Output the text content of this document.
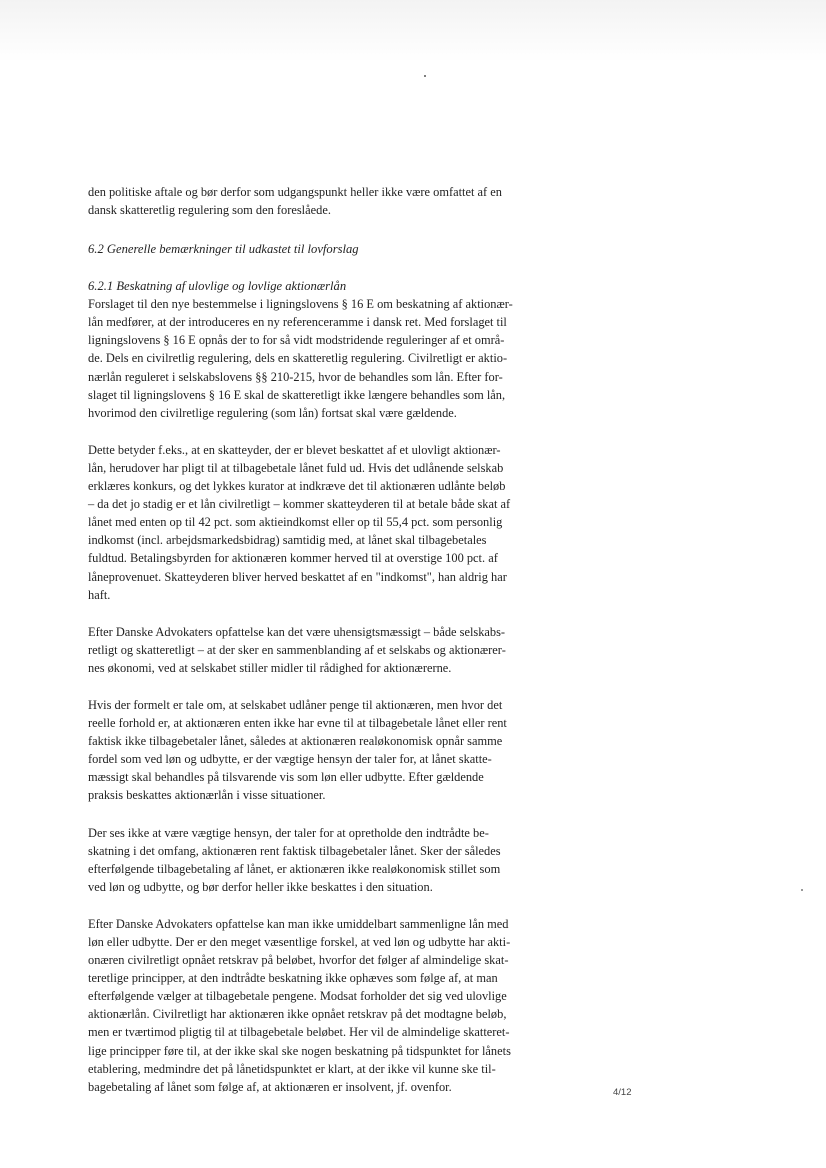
den politiske aftale og bør derfor som udgangspunkt heller ikke være omfattet af en
dansk skatteretlig regulering som den foreslåede.

6.2 Generelle bemærkninger til udkastet til lovforslag

6.2.1 Beskatning af ulovlige og lovlige aktionærlån

Forslaget til den nye bestemmelse i ligningslovens § 16 E om beskatning af aktionær-
lån medfører, at der introduceres en ny referenceramme i dansk ret. Med forslaget til
ligningslovens § 16 E opnås der to for så vidt modstridende reguleringer af et områ-
de. Dels en civilretlig regulering, dels en skatteretlig regulering. Civilretligt er aktio-
nærlån reguleret i selskabslovens §§ 210-215, hvor de behandles som lån. Efter for-
slaget til ligningslovens § 16 E skal de skatteretligt ikke længere behandles som lån,
hvorimod den civilretlige regulering (som lån) fortsat skal være gældende.

Dette betyder f.eks., at en skatteyder, der er blevet beskattet af et ulovligt aktionær-
lån, herudover har pligt til at tilbagebetale lånet fuld ud. Hvis det udlånende selskab
erklæres konkurs, og det lykkes kurator at indkræve det til aktionæren udlånte beløb
– da det jo stadig er et lån civilretligt – kommer skatteyderen til at betale både skat af
lånet med enten op til 42 pct. som aktieindkomst eller op til 55,4 pct. som personlig
indkomst (incl. arbejdsmarkedsbidrag) samtidig med, at lånet skal tilbagebetales
fuldtud. Betalingsbyrden for aktionæren kommer herved til at overstige 100 pct. af
låneprovenuet. Skatteyderen bliver herved beskattet af en "indkomst", han aldrig har
haft.

Efter Danske Advokaters opfattelse kan det være uhensigtsmæssigt – både selskabs-
retligt og skatteretligt – at der sker en sammenblanding af et selskabs og aktionærer-
nes økonomi, ved at selskabet stiller midler til rådighed for aktionærerne.

Hvis der formelt er tale om, at selskabet udlåner penge til aktionæren, men hvor det
reelle forhold er, at aktionæren enten ikke har evne til at tilbagebetale lånet eller rent
faktisk ikke tilbagebetaler lånet, således at aktionæren realøkonomisk opnår samme
fordel som ved løn og udbytte, er der vægtige hensyn der taler for, at lånet skatte-
mæssigt skal behandles på tilsvarende vis som løn eller udbytte. Efter gældende
praksis beskattes aktionærlån i visse situationer.

Der ses ikke at være vægtige hensyn, der taler for at opretholde den indtrådte be-
skatning i det omfang, aktionæren rent faktisk tilbagebetaler lånet. Sker der således
efterfølgende tilbagebetaling af lånet, er aktionæren ikke realøkonomisk stillet som
ved løn og udbytte, og bør derfor heller ikke beskattes i den situation.

Efter Danske Advokaters opfattelse kan man ikke umiddelbart sammenligne lån med
løn eller udbytte. Der er den meget væsentlige forskel, at ved løn og udbytte har akti-
onæren civilretligt opnået retskrav på beløbet, hvorfor det følger af almindelige skat-
teretlige principper, at den indtrådte beskatning ikke ophæves som følge af, at man
efterfølgende vælger at tilbagebetale pengene. Modsat forholder det sig ved ulovlige
aktionærlån. Civilretligt har aktionæren ikke opnået retskrav på det modtagne beløb,
men er tværtimod pligtig til at tilbagebetale beløbet. Her vil de almindelige skatteret-
lige principper føre til, at der ikke skal ske nogen beskatning på tidspunktet for lånets
etablering, medmindre det på lånetidspunktet er klart, at der ikke vil kunne ske til-
bagebetaling af lånet som følge af, at aktionæren er insolvent, jf. ovenfor.	4/12
